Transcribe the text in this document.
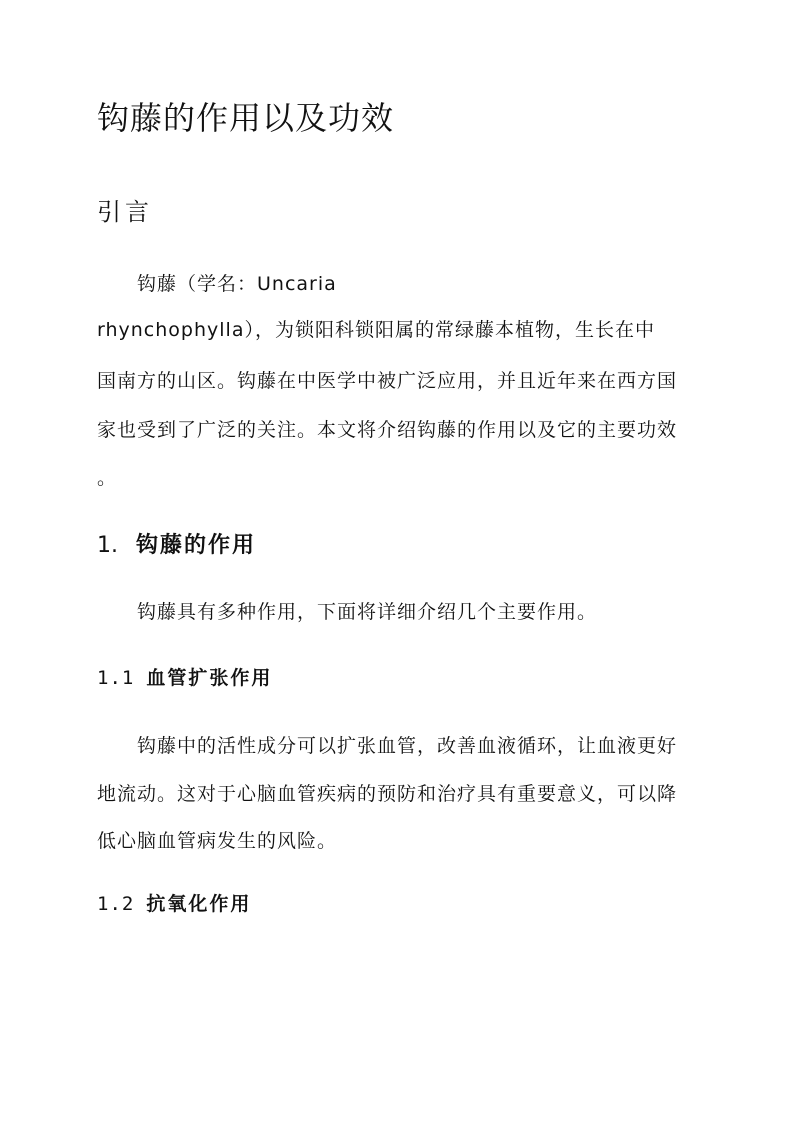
钩藤的作用以及功效
引言

钩藤（学名：Uncaria

rhynchophylla），为锁阳科锁阳属的常绿藤本植物，生长在中

国南方的山区。钩藤在中医学中被广泛应用，并且近年来在西方国

家也受到了广泛的关注。本文将介绍钩藤的作用以及它的主要功效

。

1. 钩藤的作用

钩藤具有多种作用，下面将详细介绍几个主要作用。

1.1 血管扩张作用

钩藤中的活性成分可以扩张血管，改善血液循环，让血液更好

地流动。这对于心脑血管疾病的预防和治疗具有重要意义，可以降

低心脑血管病发生的风险。

1.2 抗氧化作用
